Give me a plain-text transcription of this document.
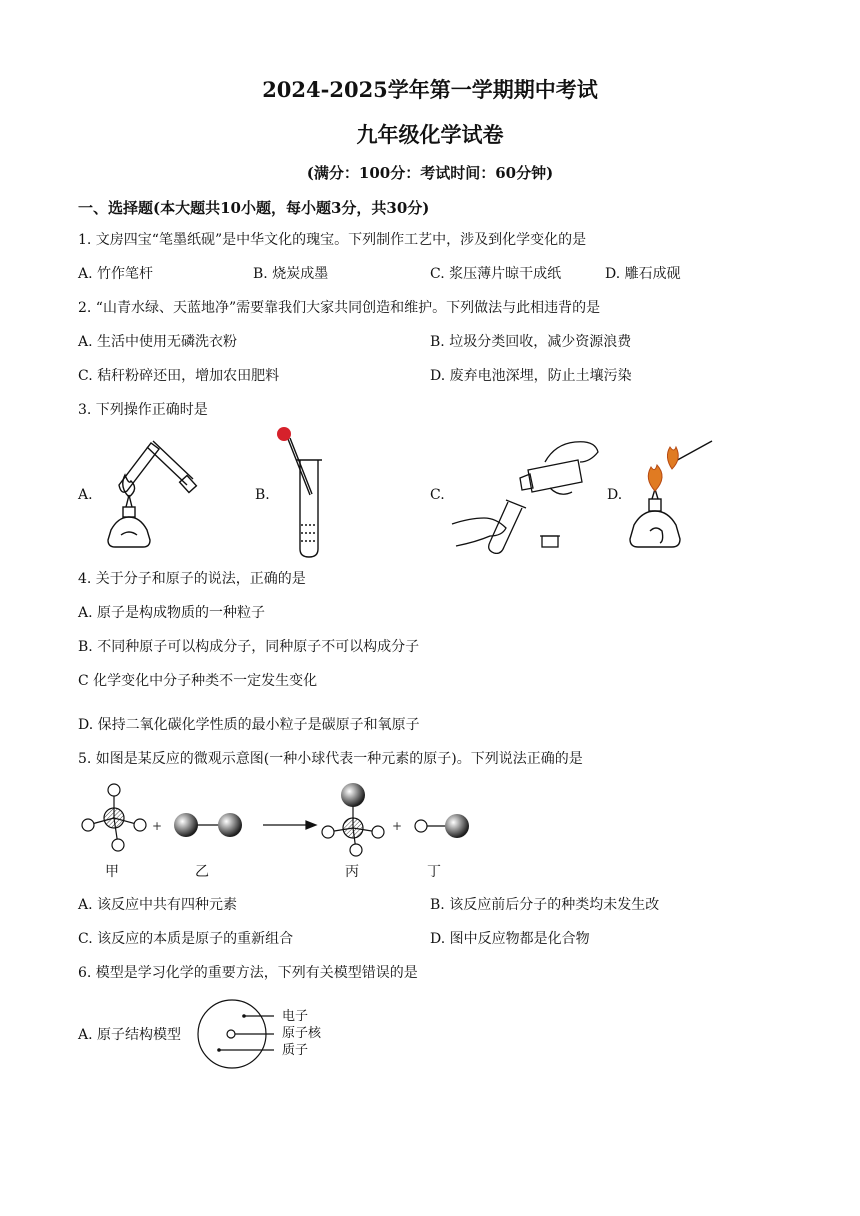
2024-2025学年第一学期期中考试
九年级化学试卷
(满分：100分：考试时间：60分钟)
一、选择题(本大题共10小题，每小题3分，共30分)
1. 文房四宝“笔墨纸砚”是中华文化的瑰宝。下列制作工艺中，涉及到化学变化的是
A. 竹作笔杆	B. 烧炭成墨	C. 浆压薄片晾干成纸	D. 雕石成砚
2. “山青水绿、天蓝地净”需要靠我们大家共同创造和维护。下列做法与此相违背的是
A. 生活中使用无磷洗衣粉	B. 垃圾分类回收，减少资源浪费
C. 秸秆粉碎还田，增加农田肥料	D. 废弃电池深埋，防止土壤污染
3. 下列操作正确时是
A.	B.	C.	D.
4. 关于分子和原子的说法，正确的是
A. 原子是构成物质的一种粒子
B. 不同种原子可以构成分子，同种原子不可以构成分子
C 化学变化中分子种类不一定发生变化
D. 保持二氧化碳化学性质的最小粒子是碳原子和氧原子
5. 如图是某反应的微观示意图(一种小球代表一种元素的原子)。下列说法正确的是
+	+
甲	乙	丙	丁
A. 该反应中共有四种元素	B. 该反应前后分子的种类均未发生改
C. 该反应的本质是原子的重新组合	D. 图中反应物都是化合物
6. 模型是学习化学的重要方法，下列有关模型错误的是
A. 原子结构模型
电子
原子核
质子
